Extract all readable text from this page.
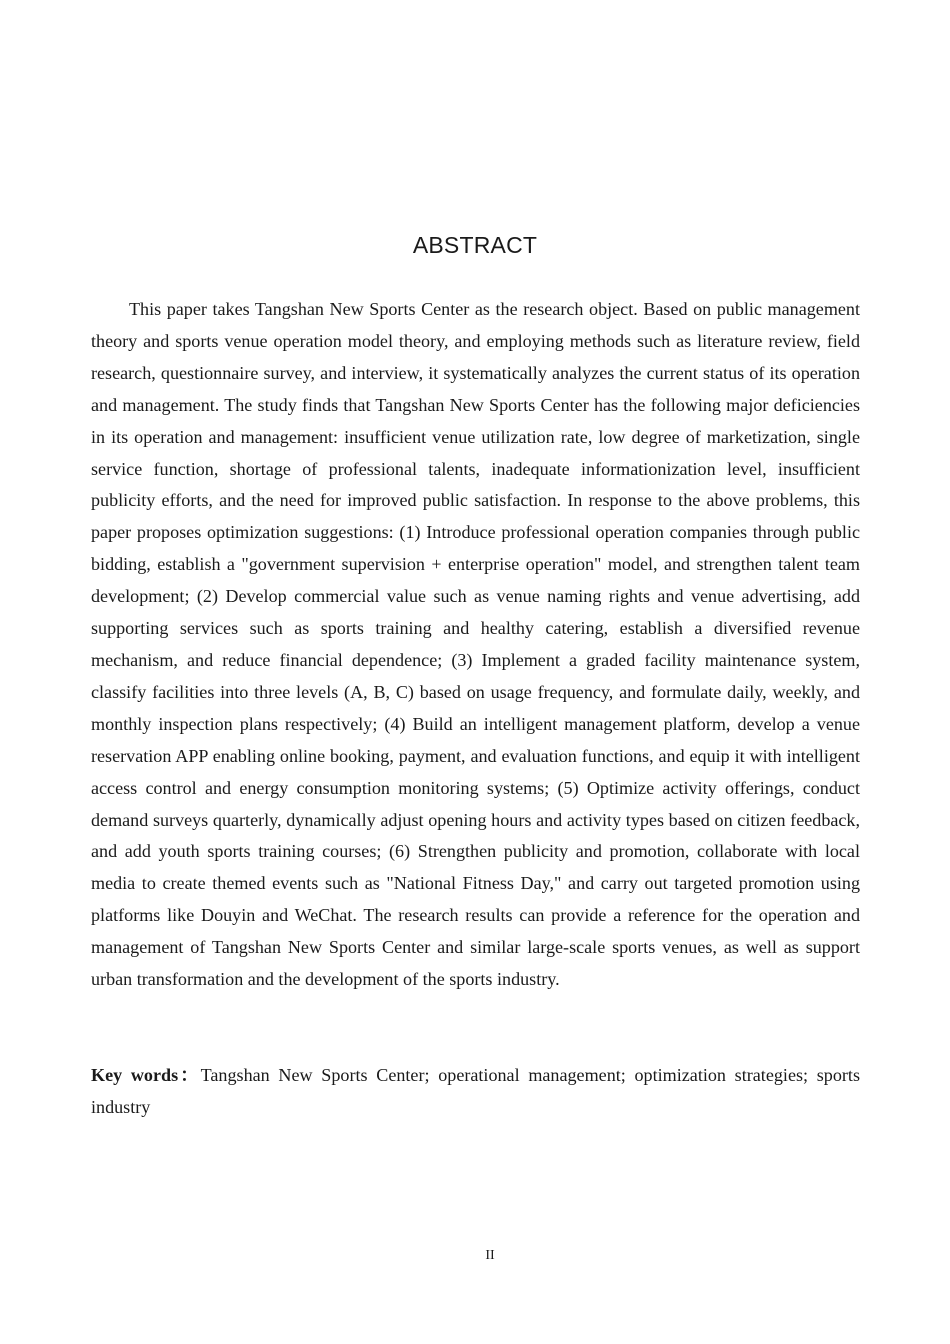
ABSTRACT

This paper takes Tangshan New Sports Center as the research object. Based on public management theory and sports venue operation model theory, and employing methods such as literature review, field research, questionnaire survey, and interview, it systematically analyzes the current status of its operation and management. The study finds that Tangshan New Sports Center has the following major deficiencies in its operation and management: insufficient venue utilization rate, low degree of marketization, single service function, shortage of professional talents, inadequate informationization level, insufficient publicity efforts, and the need for improved public satisfaction. In response to the above problems, this paper proposes optimization suggestions: (1) Introduce professional operation companies through public bidding, establish a "government supervision + enterprise operation" model, and strengthen talent team development; (2) Develop commercial value such as venue naming rights and venue advertising, add supporting services such as sports training and healthy catering, establish a diversified revenue mechanism, and reduce financial dependence; (3) Implement a graded facility maintenance system, classify facilities into three levels (A, B, C) based on usage frequency, and formulate daily, weekly, and monthly inspection plans respectively; (4) Build an intelligent management platform, develop a venue reservation APP enabling online booking, payment, and evaluation functions, and equip it with intelligent access control and energy consumption monitoring systems; (5) Optimize activity offerings, conduct demand surveys quarterly, dynamically adjust opening hours and activity types based on citizen feedback, and add youth sports training courses; (6) Strengthen publicity and promotion, collaborate with local media to create themed events such as "National Fitness Day," and carry out targeted promotion using platforms like Douyin and WeChat. The research results can provide a reference for the operation and management of Tangshan New Sports Center and similar large-scale sports venues, as well as support urban transformation and the development of the sports industry.

Key words：Tangshan New Sports Center; operational management; optimization strategies; sports industry

II
